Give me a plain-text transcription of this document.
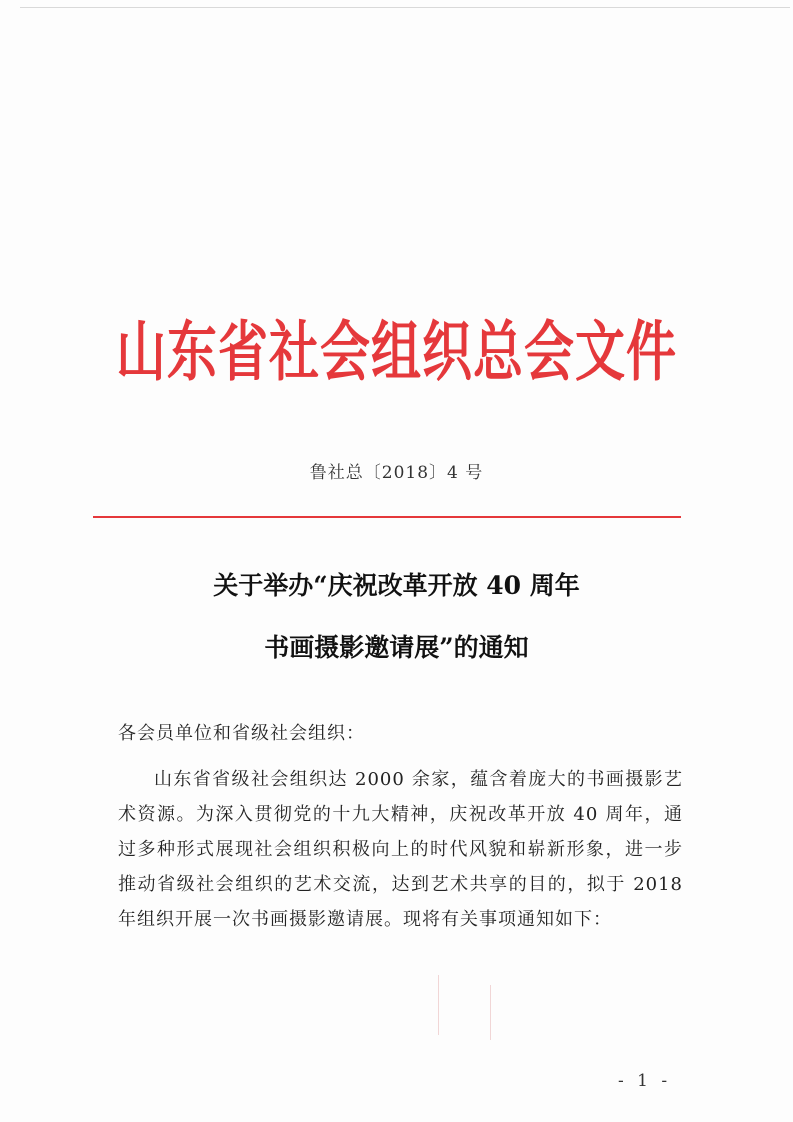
山东省社会组织总会文件
鲁社总〔2018〕4 号
关于举办“庆祝改革开放 40 周年
书画摄影邀请展”的通知
各会员单位和省级社会组织：
山东省省级社会组织达 2000 余家，蕴含着庞大的书画摄影艺术资源。为深入贯彻党的十九大精神，庆祝改革开放 40 周年，通过多种形式展现社会组织积极向上的时代风貌和崭新形象，进一步推动省级社会组织的艺术交流，达到艺术共享的目的，拟于 2018 年组织开展一次书画摄影邀请展。现将有关事项通知如下：
- 1 -
